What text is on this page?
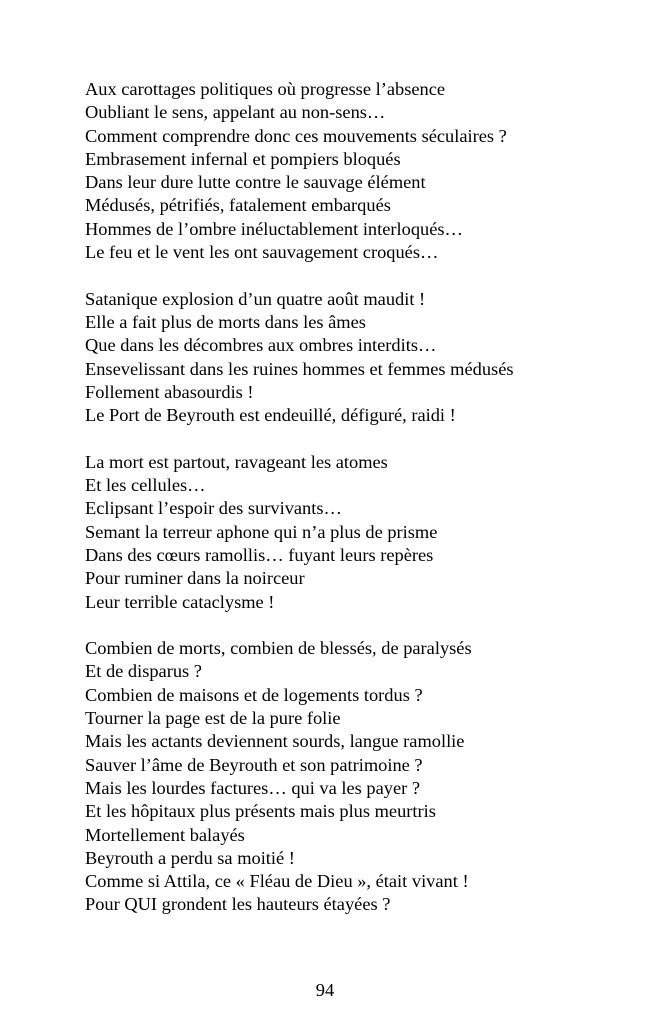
Aux carottages politiques où progresse l’absence
Oubliant le sens, appelant au non-sens…
Comment comprendre donc ces mouvements séculaires ?
Embrasement infernal et pompiers bloqués
Dans leur dure lutte contre le sauvage élément
Médusés, pétrifiés, fatalement embarqués
Hommes de l’ombre inéluctablement interloqués…
Le feu et le vent les ont sauvagement croqués…
Satanique explosion d’un quatre août maudit !
Elle a fait plus de morts dans les âmes
Que dans les décombres aux ombres interdits…
Ensevelissant dans les ruines hommes et femmes médusés
Follement abasourdis !
Le Port de Beyrouth est endeuillé, défiguré, raidi !
La mort est partout, ravageant les atomes
Et les cellules…
Eclipsant l’espoir des survivants…
Semant la terreur aphone qui n’a plus de prisme
Dans des cœurs ramollis… fuyant leurs repères
Pour ruminer dans la noirceur
Leur terrible cataclysme !
Combien de morts, combien de blessés, de paralysés
Et de disparus ?
Combien de maisons et de logements tordus ?
Tourner la page est de la pure folie
Mais les actants deviennent sourds, langue ramollie
Sauver l’âme de Beyrouth et son patrimoine ?
Mais les lourdes factures… qui va les payer ?
Et les hôpitaux plus présents mais plus meurtris
Mortellement balayés
Beyrouth a perdu sa moitié !
Comme si Attila, ce « Fléau de Dieu », était vivant !
Pour QUI grondent les hauteurs étayées ?
94
